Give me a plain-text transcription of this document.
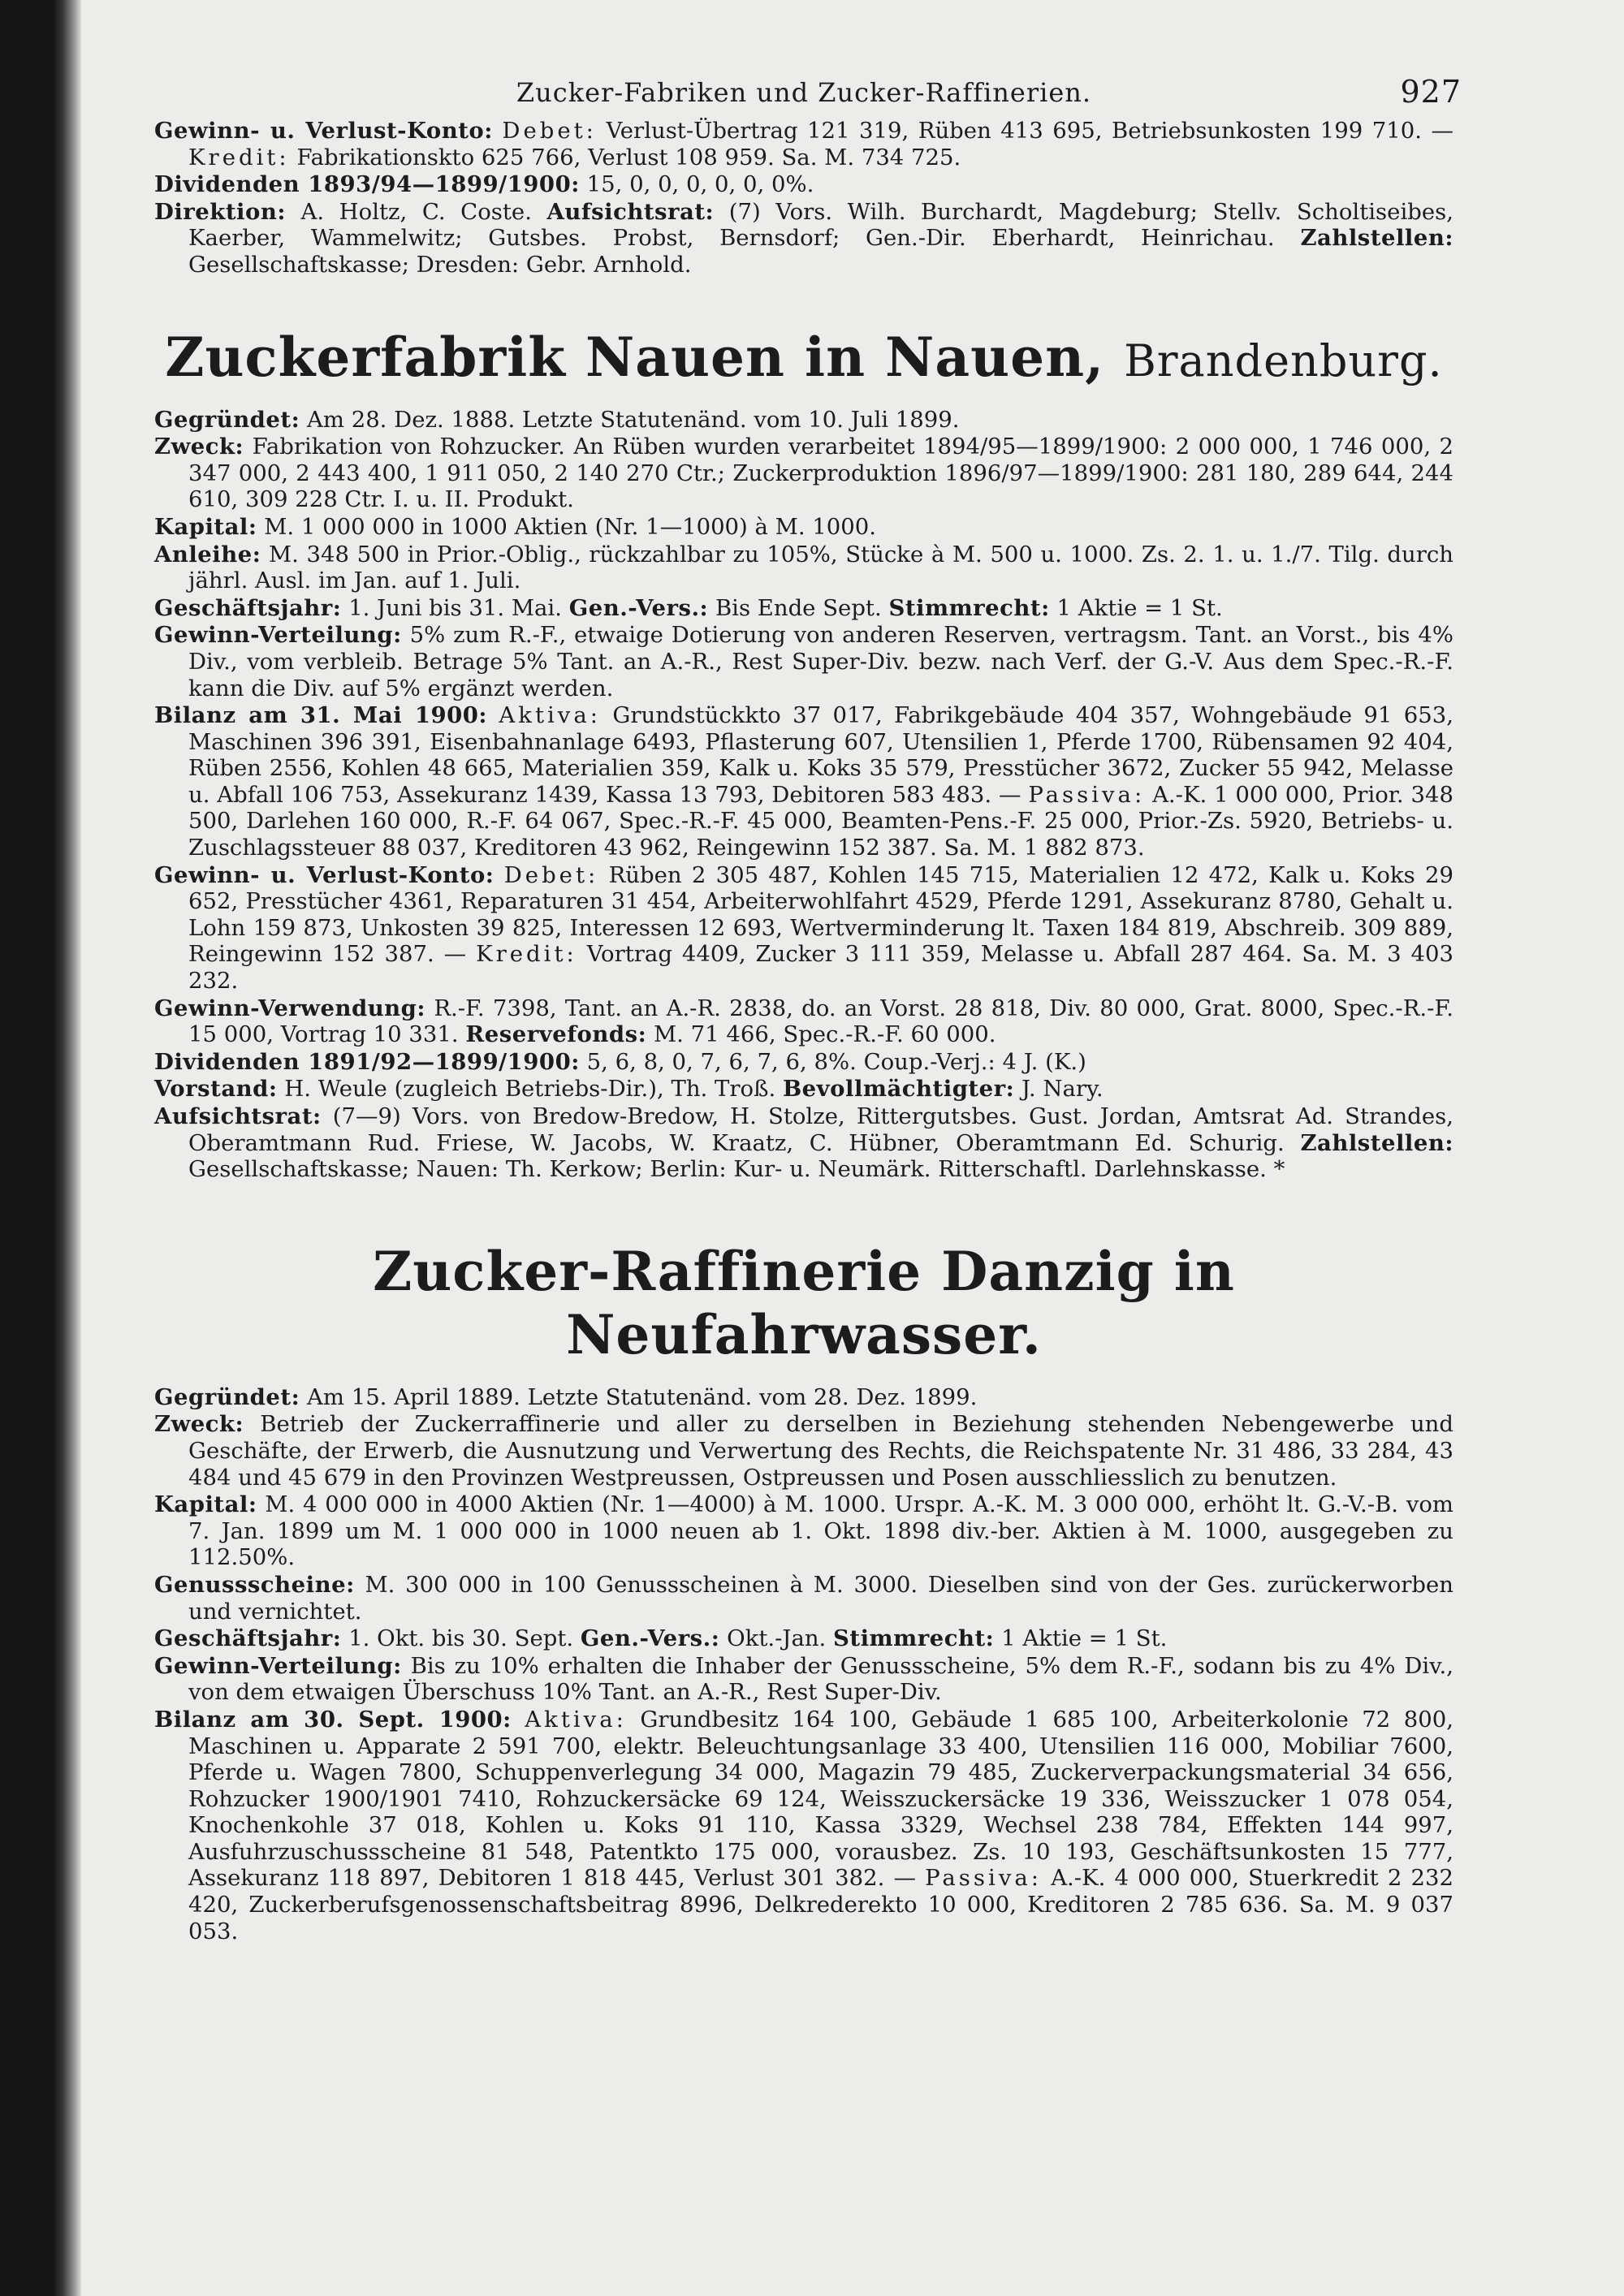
Zucker-Fabriken und Zucker-Raffinerien.	927

Gewinn- u. Verlust-Konto: Debet: Verlust-Übertrag 121 319, Rüben 413 695, Betriebsunkosten 199 710. — Kredit: Fabrikationskto 625 766, Verlust 108 959. Sa. M. 734 725.

Dividenden 1893/94—1899/1900: 15, 0, 0, 0, 0, 0, 0%.

Direktion: A. Holtz, C. Coste. Aufsichtsrat: (7) Vors. Wilh. Burchardt, Magdeburg; Stellv. Scholtiseibes, Kaerber, Wammelwitz; Gutsbes. Probst, Bernsdorf; Gen.-Dir. Eberhardt, Heinrichau. Zahlstellen: Gesellschaftskasse; Dresden: Gebr. Arnhold.

Zuckerfabrik Nauen in Nauen, Brandenburg.

Gegründet: Am 28. Dez. 1888. Letzte Statutenänd. vom 10. Juli 1899.

Zweck: Fabrikation von Rohzucker. An Rüben wurden verarbeitet 1894/95—1899/1900: 2 000 000, 1 746 000, 2 347 000, 2 443 400, 1 911 050, 2 140 270 Ctr.; Zuckerproduktion 1896/97—1899/1900: 281 180, 289 644, 244 610, 309 228 Ctr. I. u. II. Produkt.

Kapital: M. 1 000 000 in 1000 Aktien (Nr. 1—1000) à M. 1000.

Anleihe: M. 348 500 in Prior.-Oblig., rückzahlbar zu 105%, Stücke à M. 500 u. 1000. Zs. 2. 1. u. 1./7. Tilg. durch jährl. Ausl. im Jan. auf 1. Juli.

Geschäftsjahr: 1. Juni bis 31. Mai. Gen.-Vers.: Bis Ende Sept. Stimmrecht: 1 Aktie = 1 St.

Gewinn-Verteilung: 5% zum R.-F., etwaige Dotierung von anderen Reserven, vertragsm. Tant. an Vorst., bis 4% Div., vom verbleib. Betrage 5% Tant. an A.-R., Rest Super-Div. bezw. nach Verf. der G.-V. Aus dem Spec.-R.-F. kann die Div. auf 5% ergänzt werden.

Bilanz am 31. Mai 1900: Aktiva: Grundstückkto 37 017, Fabrikgebäude 404 357, Wohngebäude 91 653, Maschinen 396 391, Eisenbahnanlage 6493, Pflasterung 607, Utensilien 1, Pferde 1700, Rübensamen 92 404, Rüben 2556, Kohlen 48 665, Materialien 359, Kalk u. Koks 35 579, Presstücher 3672, Zucker 55 942, Melasse u. Abfall 106 753, Assekuranz 1439, Kassa 13 793, Debitoren 583 483. — Passiva: A.-K. 1 000 000, Prior. 348 500, Darlehen 160 000, R.-F. 64 067, Spec.-R.-F. 45 000, Beamten-Pens.-F. 25 000, Prior.-Zs. 5920, Betriebs- u. Zuschlagssteuer 88 037, Kreditoren 43 962, Reingewinn 152 387. Sa. M. 1 882 873.

Gewinn- u. Verlust-Konto: Debet: Rüben 2 305 487, Kohlen 145 715, Materialien 12 472, Kalk u. Koks 29 652, Presstücher 4361, Reparaturen 31 454, Arbeiterwohlfahrt 4529, Pferde 1291, Assekuranz 8780, Gehalt u. Lohn 159 873, Unkosten 39 825, Interessen 12 693, Wertverminderung lt. Taxen 184 819, Abschreib. 309 889, Reingewinn 152 387. — Kredit: Vortrag 4409, Zucker 3 111 359, Melasse u. Abfall 287 464. Sa. M. 3 403 232.

Gewinn-Verwendung: R.-F. 7398, Tant. an A.-R. 2838, do. an Vorst. 28 818, Div. 80 000, Grat. 8000, Spec.-R.-F. 15 000, Vortrag 10 331. Reservefonds: M. 71 466, Spec.-R.-F. 60 000.

Dividenden 1891/92—1899/1900: 5, 6, 8, 0, 7, 6, 7, 6, 8%. Coup.-Verj.: 4 J. (K.)

Vorstand: H. Weule (zugleich Betriebs-Dir.), Th. Troß. Bevollmächtigter: J. Nary.

Aufsichtsrat: (7—9) Vors. von Bredow-Bredow, H. Stolze, Rittergutsbes. Gust. Jordan, Amtsrat Ad. Strandes, Oberamtmann Rud. Friese, W. Jacobs, W. Kraatz, C. Hübner, Oberamtmann Ed. Schurig. Zahlstellen: Gesellschaftskasse; Nauen: Th. Kerkow; Berlin: Kur- u. Neumärk. Ritterschaftl. Darlehnskasse. *

Zucker-Raffinerie Danzig in Neufahrwasser.

Gegründet: Am 15. April 1889. Letzte Statutenänd. vom 28. Dez. 1899.

Zweck: Betrieb der Zuckerraffinerie und aller zu derselben in Beziehung stehenden Nebengewerbe und Geschäfte, der Erwerb, die Ausnutzung und Verwertung des Rechts, die Reichspatente Nr. 31 486, 33 284, 43 484 und 45 679 in den Provinzen Westpreussen, Ostpreussen und Posen ausschliesslich zu benutzen.

Kapital: M. 4 000 000 in 4000 Aktien (Nr. 1—4000) à M. 1000. Urspr. A.-K. M. 3 000 000, erhöht lt. G.-V.-B. vom 7. Jan. 1899 um M. 1 000 000 in 1000 neuen ab 1. Okt. 1898 div.-ber. Aktien à M. 1000, ausgegeben zu 112.50%.

Genussscheine: M. 300 000 in 100 Genussscheinen à M. 3000. Dieselben sind von der Ges. zurückerworben und vernichtet.

Geschäftsjahr: 1. Okt. bis 30. Sept. Gen.-Vers.: Okt.-Jan. Stimmrecht: 1 Aktie = 1 St.

Gewinn-Verteilung: Bis zu 10% erhalten die Inhaber der Genussscheine, 5% dem R.-F., sodann bis zu 4% Div., von dem etwaigen Überschuss 10% Tant. an A.-R., Rest Super-Div.

Bilanz am 30. Sept. 1900: Aktiva: Grundbesitz 164 100, Gebäude 1 685 100, Arbeiterkolonie 72 800, Maschinen u. Apparate 2 591 700, elektr. Beleuchtungsanlage 33 400, Utensilien 116 000, Mobiliar 7600, Pferde u. Wagen 7800, Schuppenverlegung 34 000, Magazin 79 485, Zuckerverpackungsmaterial 34 656, Rohzucker 1900/1901 7410, Rohzuckersäcke 69 124, Weisszuckersäcke 19 336, Weisszucker 1 078 054, Knochenkohle 37 018, Kohlen u. Koks 91 110, Kassa 3329, Wechsel 238 784, Effekten 144 997, Ausfuhrzuschussscheine 81 548, Patentkto 175 000, vorausbez. Zs. 10 193, Geschäftsunkosten 15 777, Assekuranz 118 897, Debitoren 1 818 445, Verlust 301 382. — Passiva: A.-K. 4 000 000, Stuerkredit 2 232 420, Zuckerberufsgenossenschaftsbeitrag 8996, Delkrederekto 10 000, Kreditoren 2 785 636. Sa. M. 9 037 053.
